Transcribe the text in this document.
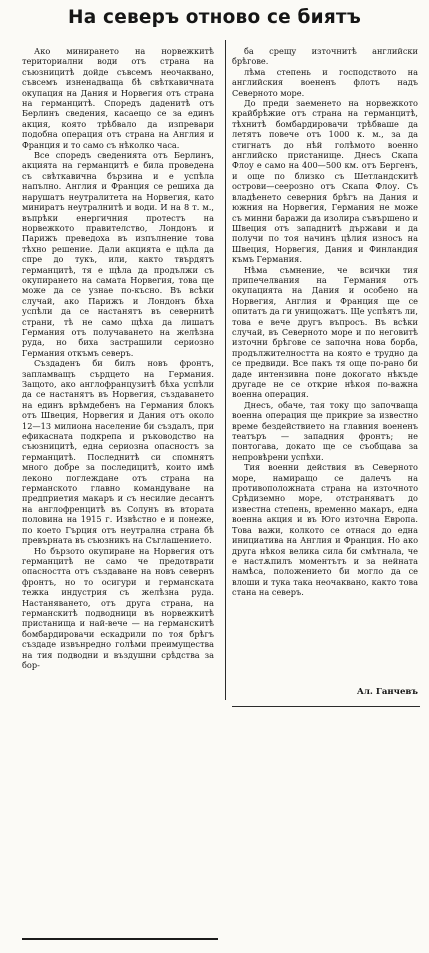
На северъ отново се биятъ

Ако минирането на норвежкитѣ териториални води отъ страна на съюзницитѣ дойде съвсемъ неочаквано, съвсемъ изненадваща бѣ свѣткавичната окупация на Дания и Норвегия отъ страна на германцитѣ. Споредъ даденитѣ отъ Берлинъ сведения, касаещо се за единъ акция, която трѣбвало да изпревари подобна операция отъ страна на Англия и Франция и то само съ нѣколко часа.

Все споредъ сведенията отъ Берлинъ, акцията на германцитѣ е била проведена съ свѣткавична бързина и е успѣла напълно. Англия и Франция се решиха да нарушатъ неутралитета на Норвегия, като миниратъ неутралнитѣ и води. И на 8 т. м., въпрѣки енергичния протестъ на норвежкото правителство, Лондонъ и Парижъ преведоха въ изпълнение това тѣхно решение. Дали акцията е щѣла да спре до тукъ, или, както твърдятъ германцитѣ, тя е щѣла да продължи съ окупирането на самата Норвегия, това ще може да се узнае по-късно. Въ всѣки случай, ако Парижъ и Лондонъ бѣха успѣли да се настанятъ въ севернитѣ страни, тѣ не само щѣха да лишатъ Германия отъ получаването на желѣзна руда, но биха застрашили сериозно Германия откъмъ северъ.

Създаденъ би билъ новъ фронтъ, запламващъ сърдцето на Германия. Защото, ако англофранцузитѣ бѣха успѣли да се настанятъ въ Норвегия, създаването на единъ врѣмдебенъ на Германия блокъ отъ Швеция, Норвегия и Дания отъ около 12—13 милиона население би създалъ, при ефикасната подкрепа и ръководство на съюзницитѣ, една сериозна опасностъ за германцитѣ. Последнитѣ си спомнятъ много добре за последицитѣ, които имѣ леконо поглеждане отъ страна на германското главно командуване на предприетия макаръ и съ несилие десантъ на англофренцитѣ въ Солунъ въ втората половина на 1915 г. Извѣстно е и понеже, по което Гърция отъ неутрална страна бѣ превърната въ съюзникъ на Съглашението.

Но бързото окупиране на Норвегия отъ германцитѣ не само че предотврати опасността отъ създаване на новъ севернъ фронтъ, но то осигури и германската тежка индустрия съ желѣзна руда. Настаняването, отъ друга страна, на германскитѣ подводници въ норвежкитѣ пристанища и най-вече — на германскитѣ бомбардировачи ескадрили по тоя брѣгъ създаде извънредно голѣми преимущества на тия подводни и въздушни срѣдства за бор-

ба срещу източнитѣ английски брѣгове.

лѣма степень и господството на английския воененъ флотъ надъ Северното море.

До преди заеменето на норвежкото крайбрѣжие отъ страна на германцитѣ, тѣхнитѣ бомбардировачи трѣбваше да летятъ повече отъ 1000 к. м., за да стигнатъ до нѣй голѣмото военно английско пристанище. Днесъ Скапа Флоу е само на 400—500 км. отъ Бергенъ, и още по близко съ Шетландскитѣ острови—сеерозно отъ Скапа Флоу. Съ владѣенето северния брѣгъ на Дания и южния на Норвегия, Германия не може съ минни баражи да изолира съвършено и Швеция отъ западнитѣ държави и да получи по тоя начинъ цѣлия износъ на Швеция, Норвегия, Дания и Финландия къмъ Германия.

Нѣма съмнение, че всички тия припечелвания на Германия отъ окупацията на Дания и особено на Норвегия, Англия и Франция ще се опитатъ да ги унищожатъ. Ще успѣятъ ли, това е вече другъ въпросъ. Въ всѣки случай, въ Северното море и по неговитѣ източни брѣгове се започна нова борба, продължителността на която е трудно да се предвиди. Все пакъ тя още по-рано би даде интензивна поне докогато нѣкъде другаде не се открие нѣкоя по-важна военна операция.

Днесъ, обаче, тая току що започваща военна операция ще прикрие за известно време бездействието на главния воененъ театъръ — западния фронтъ; не понтогава, докато ще се съобщава за непровѣрени успѣхи.

Тия военни действия въ Северното море, намиращо се далечъ на противоположната страна на източното Срѣдиземно море, отстраняватъ до известна степень, временно макаръ, една военна акция и въ Юго източна Европа. Това важи, колкото се отнася до една инициатива на Англия и Франция. Но ако друга нѣкоя велика сила би смѣтнала, че е настѫпилъ моментътъ и за нейната намѣса, положението би могло да се влоши и тука така неочаквано, както това стана на северъ.

Ал. Ганчевъ
